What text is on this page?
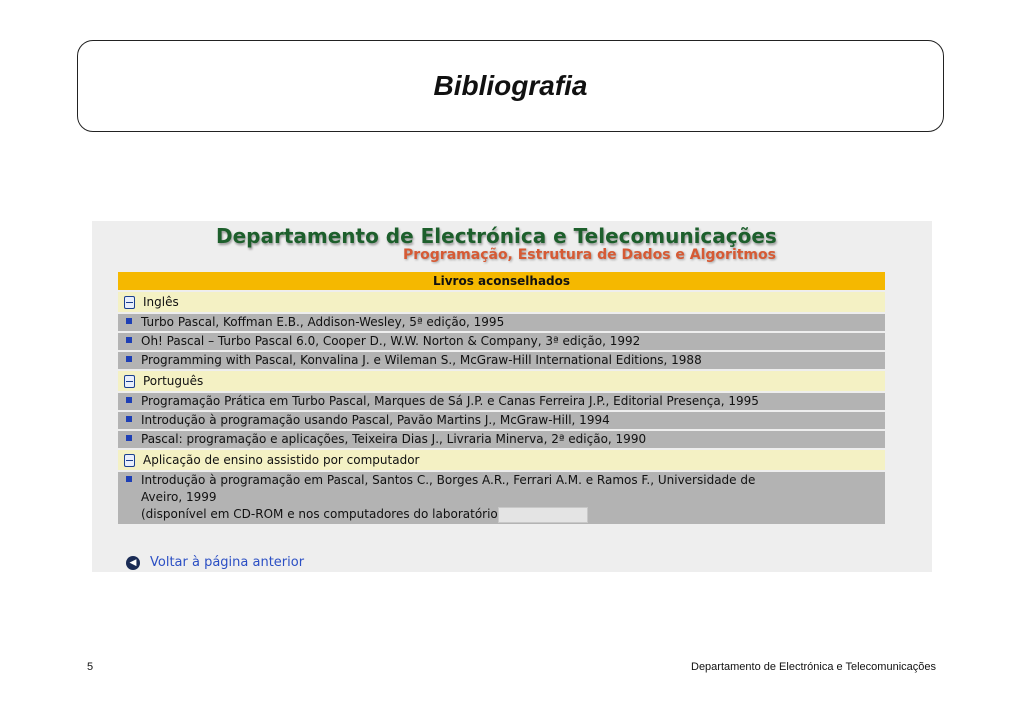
Bibliografia
Departamento de Electrónica e Telecomunicações
Programação, Estrutura de Dados e Algoritmos
Livros aconselhados
Inglês
Turbo Pascal, Koffman E.B., Addison-Wesley, 5ª edição, 1995
Oh! Pascal – Turbo Pascal 6.0, Cooper D., W.W. Norton & Company, 3ª edição, 1992
Programming with Pascal, Konvalina J. e Wileman S., McGraw-Hill International Editions, 1988
Português
Programação Prática em Turbo Pascal, Marques de Sá J.P. e Canas Ferreira J.P., Editorial Presença, 1995
Introdução à programação usando Pascal, Pavão Martins J., McGraw-Hill, 1994
Pascal: programação e aplicações, Teixeira Dias J., Livraria Minerva, 2ª edição, 1990
Aplicação de ensino assistido por computador
Introdução à programação em Pascal, Santos C., Borges A.R., Ferrari A.M. e Ramos F., Universidade de
Aveiro, 1999
(disponível em CD-ROM e nos computadores do laboratório
◀ Voltar à página anterior
5	Departamento de Electrónica e Telecomunicações
